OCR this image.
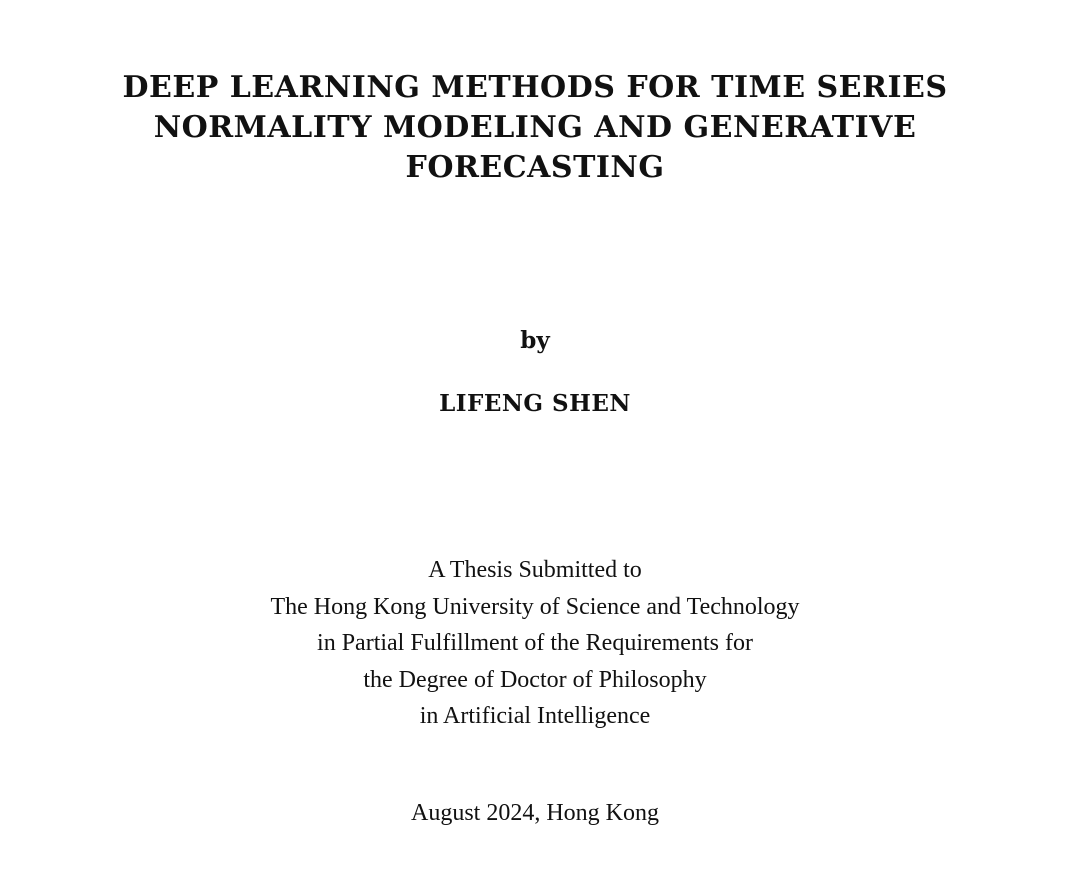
DEEP LEARNING METHODS FOR TIME SERIES
NORMALITY MODELING AND GENERATIVE
FORECASTING
by
LIFENG SHEN
A Thesis Submitted to
The Hong Kong University of Science and Technology
in Partial Fulfillment of the Requirements for
the Degree of Doctor of Philosophy
in Artificial Intelligence
August 2024, Hong Kong
